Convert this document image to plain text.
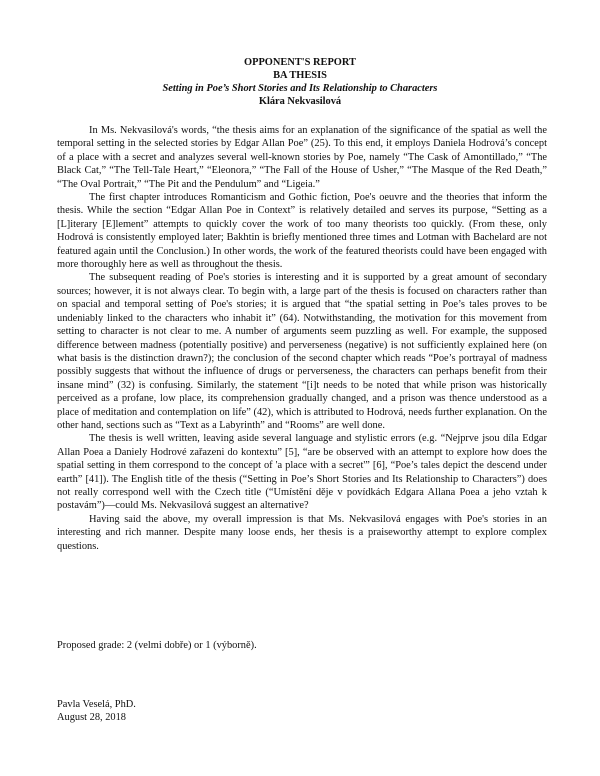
OPPONENT'S REPORT
BA THESIS
Setting in Poe’s Short Stories and Its Relationship to Characters
Klára Nekvasilová

In Ms. Nekvasilová's words, “the thesis aims for an explanation of the significance of the spatial as well the temporal setting in the selected stories by Edgar Allan Poe” (25). To this end, it employs Daniela Hodrová’s concept of a place with a secret and analyzes several well-known stories by Poe, namely “The Cask of Amontillado,” “The Black Cat,” “The Tell-Tale Heart,” “Eleonora,” “The Fall of the House of Usher,” “The Masque of the Red Death,” “The Oval Portrait,” “The Pit and the Pendulum” and “Ligeia.”

The first chapter introduces Romanticism and Gothic fiction, Poe's oeuvre and the theories that inform the thesis. While the section “Edgar Allan Poe in Context” is relatively detailed and serves its purpose, “Setting as a [L]iterary [E]lement” attempts to quickly cover the work of too many theorists too quickly. (From these, only Hodrová is consistently employed later; Bakhtin is briefly mentioned three times and Lotman with Bachelard are not featured again until the Conclusion.) In other words, the work of the featured theorists could have been engaged with more thoroughly here as well as throughout the thesis.

The subsequent reading of Poe's stories is interesting and it is supported by a great amount of secondary sources; however, it is not always clear. To begin with, a large part of the thesis is focused on characters rather than on spacial and temporal setting of Poe's stories; it is argued that “the spatial setting in Poe’s tales proves to be undeniably linked to the characters who inhabit it” (64). Notwithstanding, the motivation for this movement from setting to character is not clear to me. A number of arguments seem puzzling as well. For example, the supposed difference between madness (potentially positive) and perverseness (negative) is not sufficiently explained here (on what basis is the distinction drawn?); the conclusion of the second chapter which reads “Poe’s portrayal of madness possibly suggests that without the influence of drugs or perverseness, the characters can perhaps benefit from their insane mind” (32) is confusing. Similarly, the statement “[i]t needs to be noted that while prison was historically perceived as a profane, low place, its comprehension gradually changed, and a prison was thence understood as a place of meditation and contemplation on life” (42), which is attributed to Hodrová, needs further explanation. On the other hand, sections such as “Text as a Labyrinth” and “Rooms” are well done.

The thesis is well written, leaving aside several language and stylistic errors (e.g. “Nejprve jsou díla Edgar Allan Poea a Daniely Hodrové zařazeni do kontextu” [5], “are be observed with an attempt to explore how does the spatial setting in them correspond to the concept of 'a place with a secret'” [6], “Poe’s tales depict the descend under earth” [41]). The English title of the thesis (“Setting in Poe’s Short Stories and Its Relationship to Characters”) does not really correspond well with the Czech title (“Umístění děje v povídkách Edgara Allana Poea a jeho vztah k postavám”)—could Ms. Nekvasilová suggest an alternative?

Having said the above, my overall impression is that Ms. Nekvasilová engages with Poe's stories in an interesting and rich manner. Despite many loose ends, her thesis is a praiseworthy attempt to explore complex questions.

Proposed grade: 2 (velmi dobře) or 1 (výborně).
Pavla Veselá, PhD.
August 28, 2018
